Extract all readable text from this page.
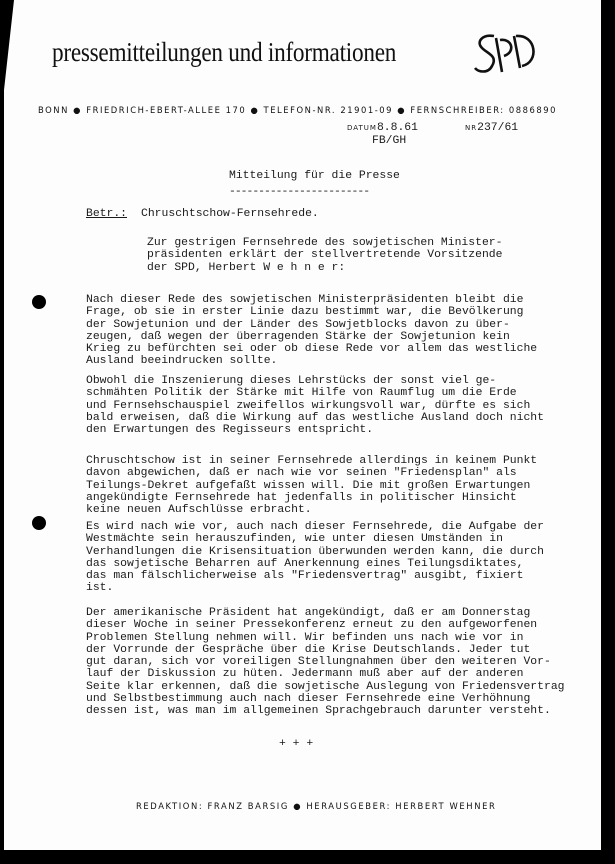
pressemitteilungen und informationen
BONN ● FRIEDRICH-EBERT-ALLEE 170 ● TELEFON-NR. 21901-09 ● FERNSCHREIBER: 0886890
DATUM8.8.61
FB/GH
NR237/61
Mitteilung für die Presse
------------------------
Betr.: Chruschtschow-Fernsehrede.
Zur gestrigen Fernsehrede des sowjetischen Minister-
präsidenten erklärt der stellvertretende Vorsitzende
der SPD, Herbert W e h n e r:
Nach dieser Rede des sowjetischen Ministerpräsidenten bleibt die
Frage, ob sie in erster Linie dazu bestimmt war, die Bevölkerung
der Sowjetunion und der Länder des Sowjetblocks davon zu über-
zeugen, daß wegen der überragenden Stärke der Sowjetunion kein
Krieg zu befürchten sei oder ob diese Rede vor allem das westliche
Ausland beeindrucken sollte.
Obwohl die Inszenierung dieses Lehrstücks der sonst viel ge-
schmähten Politik der Stärke mit Hilfe von Raumflug um die Erde
und Fernsehschauspiel zweifellos wirkungsvoll war, dürfte es sich
bald erweisen, daß die Wirkung auf das westliche Ausland doch nicht
den Erwartungen des Regisseurs entspricht.
Chruschtschow ist in seiner Fernsehrede allerdings in keinem Punkt
davon abgewichen, daß er nach wie vor seinen "Friedensplan" als
Teilungs-Dekret aufgefaßt wissen will. Die mit großen Erwartungen
angekündigte Fernsehrede hat jedenfalls in politischer Hinsicht
keine neuen Aufschlüsse erbracht.
Es wird nach wie vor, auch nach dieser Fernsehrede, die Aufgabe der
Westmächte sein herauszufinden, wie unter diesen Umständen in
Verhandlungen die Krisensituation überwunden werden kann, die durch
das sowjetische Beharren auf Anerkennung eines Teilungsdiktates,
das man fälschlicherweise als "Friedensvertrag" ausgibt, fixiert
ist.
Der amerikanische Präsident hat angekündigt, daß er am Donnerstag
dieser Woche in seiner Pressekonferenz erneut zu den aufgeworfenen
Problemen Stellung nehmen will. Wir befinden uns nach wie vor in
der Vorrunde der Gespräche über die Krise Deutschlands. Jeder tut
gut daran, sich vor voreiligen Stellungnahmen über den weiteren Vor-
lauf der Diskussion zu hüten. Jedermann muß aber auf der anderen
Seite klar erkennen, daß die sowjetische Auslegung von Friedensvertrag
und Selbstbestimmung auch nach dieser Fernsehrede eine Verhöhnung
dessen ist, was man im allgemeinen Sprachgebrauch darunter versteht.
+ + +
REDAKTION: FRANZ BARSIG ● HERAUSGEBER: HERBERT WEHNER
